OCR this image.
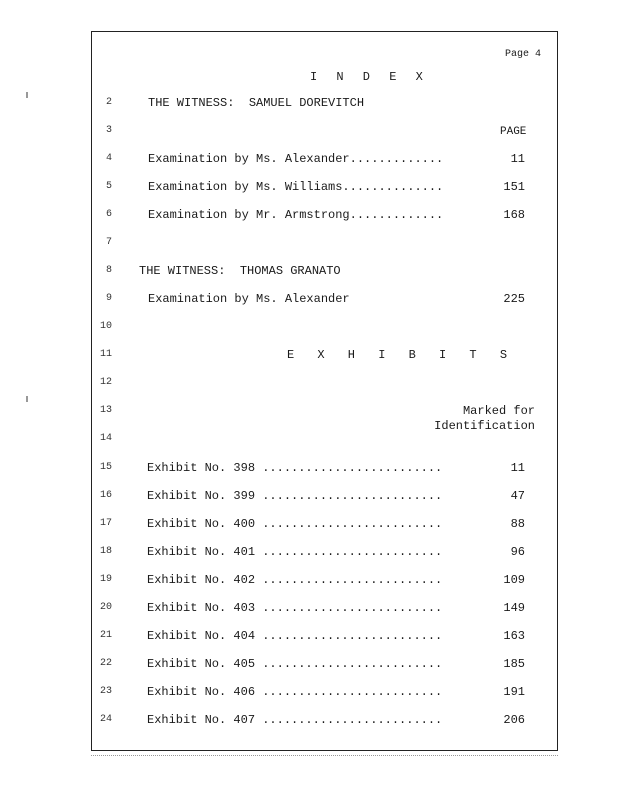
Page 4
I N D E X
PAGE
E X H I B I T S
Marked for
Identification
2	THE WITNESS:  SAMUEL DOREVITCH
3
4	Examination by Ms. Alexander.............	11
5	Examination by Ms. Williams..............	151
6	Examination by Mr. Armstrong.............	168
7
8 THE WITNESS:  THOMAS GRANATO
9	Examination by Ms. Alexander	225
10
11
12
13
14
15	Exhibit No. 398 .........................	11
16	Exhibit No. 399 .........................	47
17	Exhibit No. 400 .........................	88
18	Exhibit No. 401 .........................	96
19	Exhibit No. 402 .........................	109
20	Exhibit No. 403 .........................	149
21	Exhibit No. 404 .........................	163
22	Exhibit No. 405 .........................	185
23	Exhibit No. 406 .........................	191
24	Exhibit No. 407 .........................	206
